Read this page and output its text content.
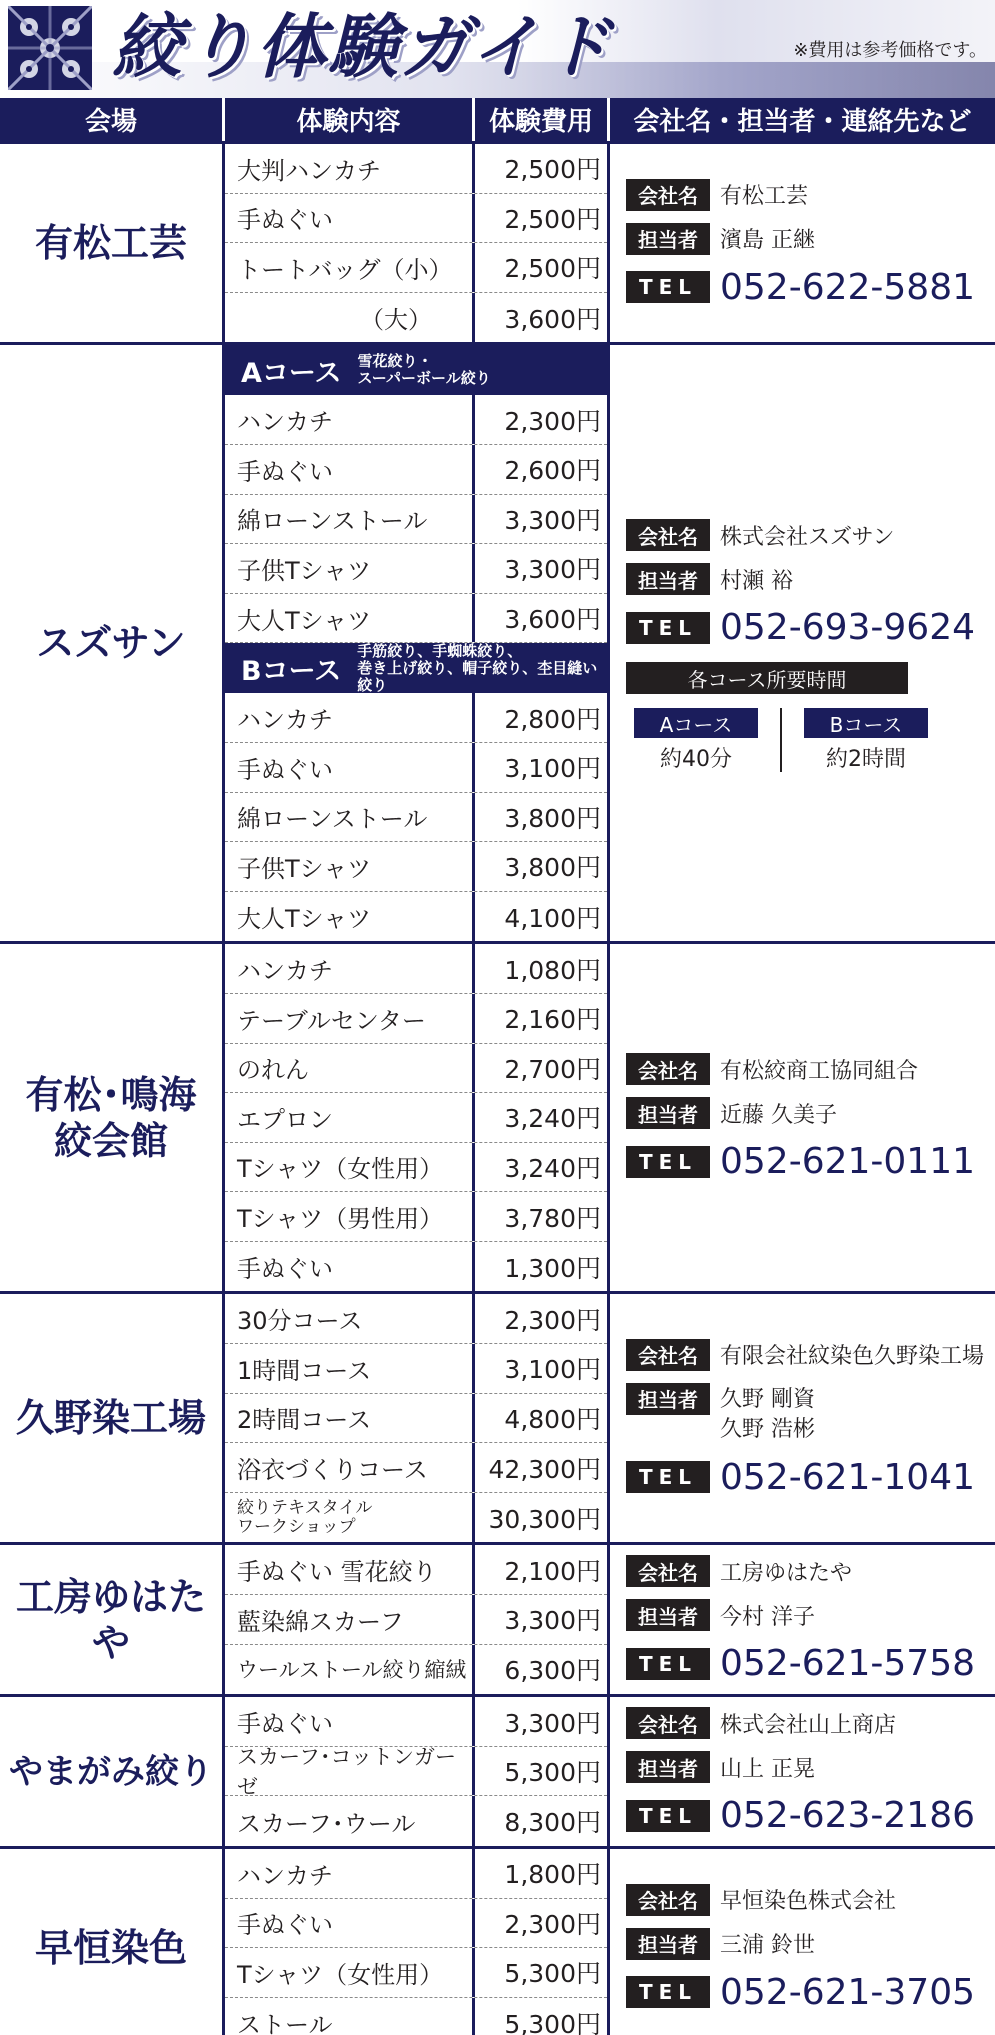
絞り体験ガイド	※費用は参考価格です。
会場	体験内容	体験費用	会社名・担当者・連絡先など
有松工芸
大判ハンカチ	2,500円
手ぬぐい	2,500円
トートバッグ（小）	2,500円
（大）	3,600円
会社名	有松工芸
担当者	濱島 正継
TEL 052-622-5881
スズサン
Aコース 雪花絞り・
スーパーボール絞り
ハンカチ	2,300円
手ぬぐい	2,600円
綿ローンストール	3,300円
子供Tシャツ	3,300円
大人Tシャツ	3,600円
Bコース
手筋絞り、手蜘蛛絞り、
巻き上げ絞り、帽子絞り、杢目縫い絞り
ハンカチ	2,800円
手ぬぐい	3,100円
綿ローンストール	3,800円
子供Tシャツ	3,800円
大人Tシャツ	4,100円
会社名	株式会社スズサン
担当者	村瀬 裕
TEL 052-693-9624
各コース所要時間
Aコース
約40分
Bコース
約2時間
有松･鳴海
絞会館
ハンカチ	1,080円
テーブルセンター	2,160円
のれん	2,700円
エプロン	3,240円
Tシャツ（女性用）	3,240円
Tシャツ（男性用）	3,780円
手ぬぐい	1,300円
会社名	有松絞商工協同組合
担当者	近藤 久美子
TEL 052-621-0111
久野染工場
30分コース	2,300円
1時間コース	3,100円
2時間コース	4,800円
浴衣づくりコース	42,300円
絞りテキスタイル
ワークショップ	30,300円
会社名	有限会社紋染色久野染工場
担当者	久野 剛資
久野 浩彬
TEL 052-621-1041
工房ゆはたや
手ぬぐい 雪花絞り	2,100円
藍染綿スカーフ	3,300円
ウールストール絞り縮絨	6,300円
会社名	工房ゆはたや
担当者	今村 洋子
TEL 052-621-5758
やまがみ絞り
手ぬぐい	3,300円
スカーフ･コットンガーゼ	5,300円
スカーフ･ウール	8,300円
会社名	株式会社山上商店
担当者	山上 正晃
TEL 052-623-2186
早恒染色
ハンカチ	1,800円
手ぬぐい	2,300円
Tシャツ（女性用）	5,300円
ストール	5,300円
会社名	早恒染色株式会社
担当者	三浦 鈴世
TEL 052-621-3705
